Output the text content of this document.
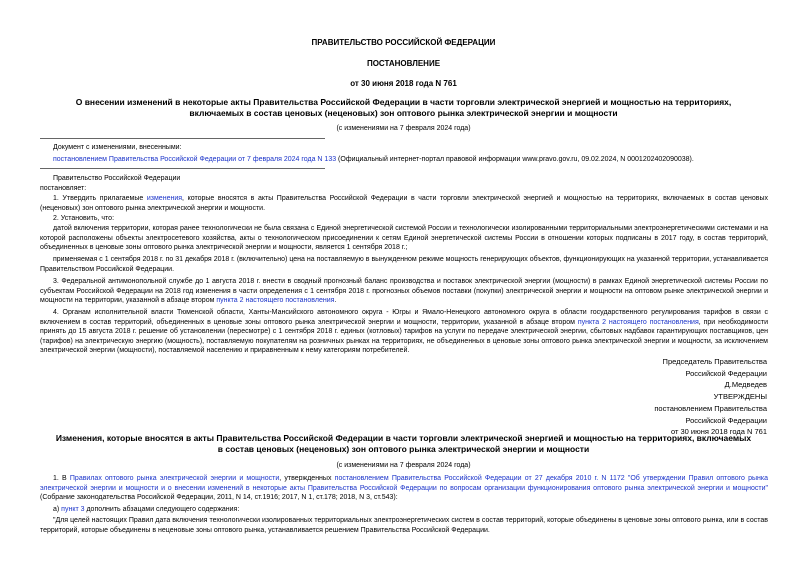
ПРАВИТЕЛЬСТВО РОССИЙСКОЙ ФЕДЕРАЦИИ
ПОСТАНОВЛЕНИЕ
от 30 июня 2018 года N 761
О внесении изменений в некоторые акты Правительства Российской Федерации в части торговли электрической энергией и мощностью на территориях,
включаемых в состав ценовых (неценовых) зон оптового рынка электрической энергии и мощности
(с изменениями на 7 февраля 2024 года)
Документ с изменениями, внесенными:
постановлением Правительства Российской Федерации от 7 февраля 2024 года N 133 (Официальный интернет-портал правовой информации www.pravo.gov.ru, 09.02.2024, N 0001202402090038).
Правительство Российской Федерации
постановляет:
1. Утвердить прилагаемые изменения, которые вносятся в акты Правительства Российской Федерации в части торговли электрической энергией и мощностью на территориях, включаемых в состав ценовых (неценовых) зон оптового рынка электрической энергии и мощности.
2. Установить, что:
датой включения территории, которая ранее технологически не была связана с Единой энергетической системой России и технологически изолированными территориальными электроэнергетическими системами и на которой расположены объекты электросетевого хозяйства, акты о технологическом присоединении к сетям Единой энергетической системы России в отношении которых подписаны в 2017 году, в состав территорий, объединенных в ценовые зоны оптового рынка электрической энергии и мощности, является 1 сентября 2018 г.;
применяемая с 1 сентября 2018 г. по 31 декабря 2018 г. (включительно) цена на поставляемую в вынужденном режиме мощность генерирующих объектов, функционирующих на указанной территории, устанавливается Правительством Российской Федерации.
3. Федеральной антимонопольной службе до 1 августа 2018 г. внести в сводный прогнозный баланс производства и поставок электрической энергии (мощности) в рамках Единой энергетической системы России по субъектам Российской Федерации на 2018 год изменения в части определения с 1 сентября 2018 г. прогнозных объемов поставки (покупки) электрической энергии и мощности на оптовом рынке электрической энергии и мощности на территории, указанной в абзаце втором пункта 2 настоящего постановления.
4. Органам исполнительной власти Тюменской области, Ханты-Мансийского автономного округа - Югры и Ямало-Ненецкого автономного округа в области государственного регулирования тарифов в связи с включением в состав территорий, объединенных в ценовые зоны оптового рынка электрической энергии и мощности, территории, указанной в абзаце втором пункта 2 настоящего постановления, при необходимости принять до 15 августа 2018 г. решение об установлении (пересмотре) с 1 сентября 2018 г. единых (котловых) тарифов на услуги по передаче электрической энергии, сбытовых надбавок гарантирующих поставщиков, цен (тарифов) на электрическую энергию (мощность), поставляемую покупателям на розничных рынках на территориях, не объединенных в ценовые зоны оптового рынка электрической энергии и мощности, за исключением электрической энергии (мощности), поставляемой населению и приравненным к нему категориям потребителей.
Председатель Правительства
Российской Федерации
Д.Медведев
УТВЕРЖДЕНЫ
постановлением Правительства
Российской Федерации
от 30 июня 2018 года N 761
Изменения, которые вносятся в акты Правительства Российской Федерации в части торговли электрической энергией и мощностью на территориях, включаемых
в состав ценовых (неценовых) зон оптового рынка электрической энергии и мощности
(с изменениями на 7 февраля 2024 года)
1. В Правилах оптового рынка электрической энергии и мощности, утвержденных постановлением Правительства Российской Федерации от 27 декабря 2010 г. N 1172 "Об утверждении Правил оптового рынка электрической энергии и мощности и о внесении изменений в некоторые акты Правительства Российской Федерации по вопросам организации функционирования оптового рынка электрической энергии и мощности" (Собрание законодательства Российской Федерации, 2011, N 14, ст.1916; 2017, N 1, ст.178; 2018, N 3, ст.543):
а) пункт 3 дополнить абзацами следующего содержания:
"Для целей настоящих Правил дата включения технологически изолированных территориальных электроэнергетических систем в состав территорий, которые объединены в ценовые зоны оптового рынка, или в состав территорий, которые объединены в неценовые зоны оптового рынка, устанавливается решением Правительства Российской Федерации.
